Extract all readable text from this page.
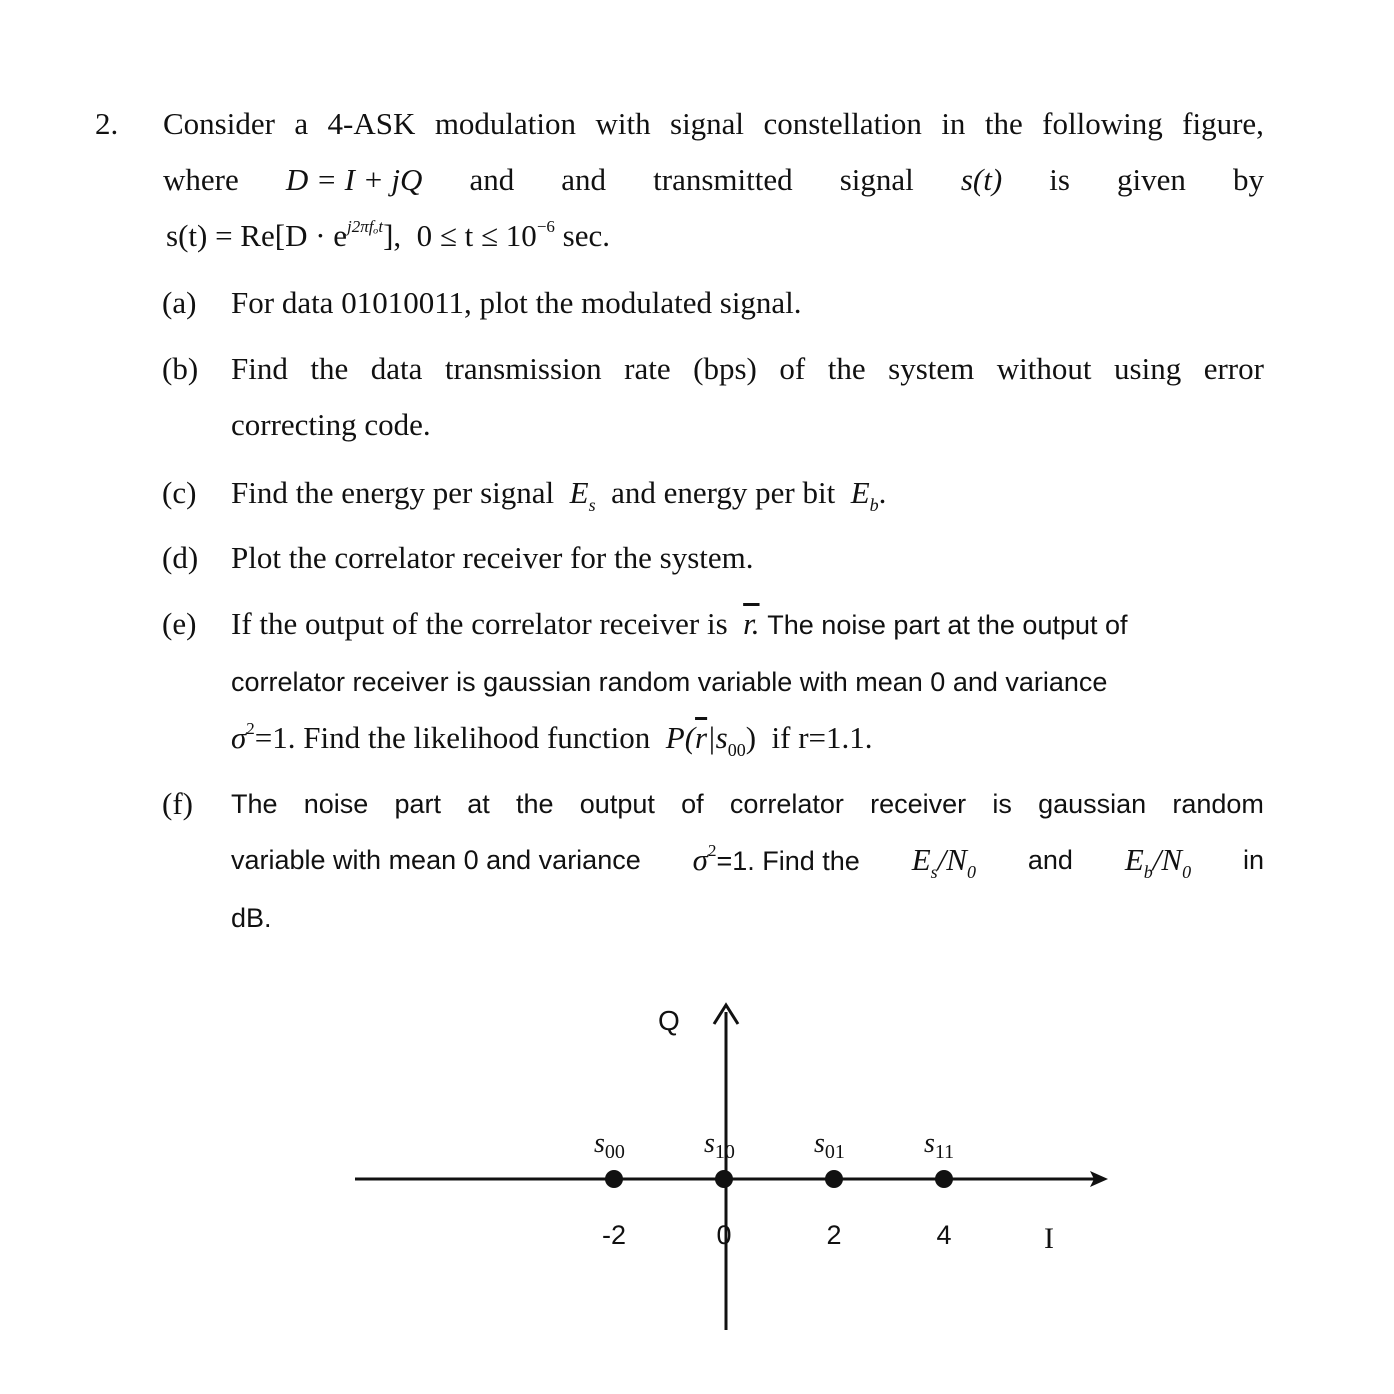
2. Consider a 4-ASK modulation with signal constellation in the following figure,
where D = I + jQ and and transmitted signal s(t) is given by
$s(t) = Re[D \cdot e^{j2\pi f_ot}]$, $0 \le t \le 10^{-6}$ sec.
(a) For data 01010011, plot the modulated signal.
(b) Find the data transmission rate (bps) of the system without using error
correcting code.
(c) Find the energy per signal $E_s$ and energy per bit $E_b$.
(d) Plot the correlator receiver for the system.
(e) If the output of the correlator receiver is r. The noise part at the output of
correlator receiver is gaussian random variable with mean 0 and variance
$\sigma^2=1$. Find the likelihood function $P(\overline{r}|s_{00})$ if r=1.1.
(f) The noise part at the output of correlator receiver is gaussian random
variable with mean 0 and variance $\sigma^2=1$. Find the $E_s/N_0$ and $E_b/N_0$ in
dB.
Q
I
$s_{00}$
-2
$s_{10}$
0
$s_{01}$
2
$s_{11}$
4
